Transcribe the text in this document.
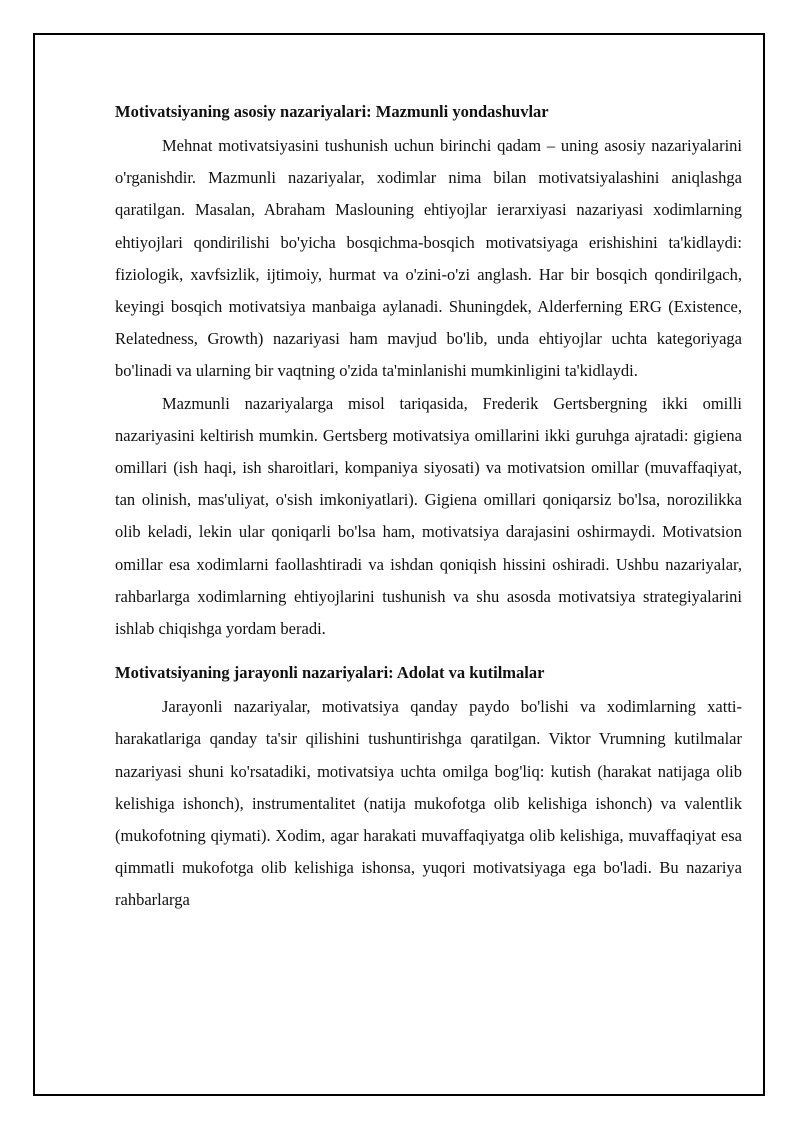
Motivatsiyaning asosiy nazariyalari: Mazmunli yondashuvlar

Mehnat motivatsiyasini tushunish uchun birinchi qadam – uning asosiy nazariyalarini o'rganishdir. Mazmunli nazariyalar, xodimlar nima bilan motivatsiyalashini aniqlashga qaratilgan. Masalan, Abraham Maslouning ehtiyojlar ierarxiyasi nazariyasi xodimlarning ehtiyojlari qondirilishi bo'yicha bosqichma-bosqich motivatsiyaga erishishini ta'kidlaydi: fiziologik, xavfsizlik, ijtimoiy, hurmat va o'zini-o'zi anglash. Har bir bosqich qondirilgach, keyingi bosqich motivatsiya manbaiga aylanadi. Shuningdek, Alderferning ERG (Existence, Relatedness, Growth) nazariyasi ham mavjud bo'lib, unda ehtiyojlar uchta kategoriyaga bo'linadi va ularning bir vaqtning o'zida ta'minlanishi mumkinligini ta'kidlaydi.

Mazmunli nazariyalarga misol tariqasida, Frederik Gertsbergning ikki omilli nazariyasini keltirish mumkin. Gertsberg motivatsiya omillarini ikki guruhga ajratadi: gigiena omillari (ish haqi, ish sharoitlari, kompaniya siyosati) va motivatsion omillar (muvaffaqiyat, tan olinish, mas'uliyat, o'sish imkoniyatlari). Gigiena omillari qoniqarsiz bo'lsa, norozilikka olib keladi, lekin ular qoniqarli bo'lsa ham, motivatsiya darajasini oshirmaydi. Motivatsion omillar esa xodimlarni faollashtiradi va ishdan qoniqish hissini oshiradi. Ushbu nazariyalar, rahbarlarga xodimlarning ehtiyojlarini tushunish va shu asosda motivatsiya strategiyalarini ishlab chiqishga yordam beradi.

Motivatsiyaning jarayonli nazariyalari: Adolat va kutilmalar

Jarayonli nazariyalar, motivatsiya qanday paydo bo'lishi va xodimlarning xatti-harakatlariga qanday ta'sir qilishini tushuntirishga qaratilgan. Viktor Vrumning kutilmalar nazariyasi shuni ko'rsatadiki, motivatsiya uchta omilga bog'liq: kutish (harakat natijaga olib kelishiga ishonch), instrumentalitet (natija mukofotga olib kelishiga ishonch) va valentlik (mukofotning qiymati). Xodim, agar harakati muvaffaqiyatga olib kelishiga, muvaffaqiyat esa qimmatli mukofotga olib kelishiga ishonsa, yuqori motivatsiyaga ega bo'ladi. Bu nazariya rahbarlarga
